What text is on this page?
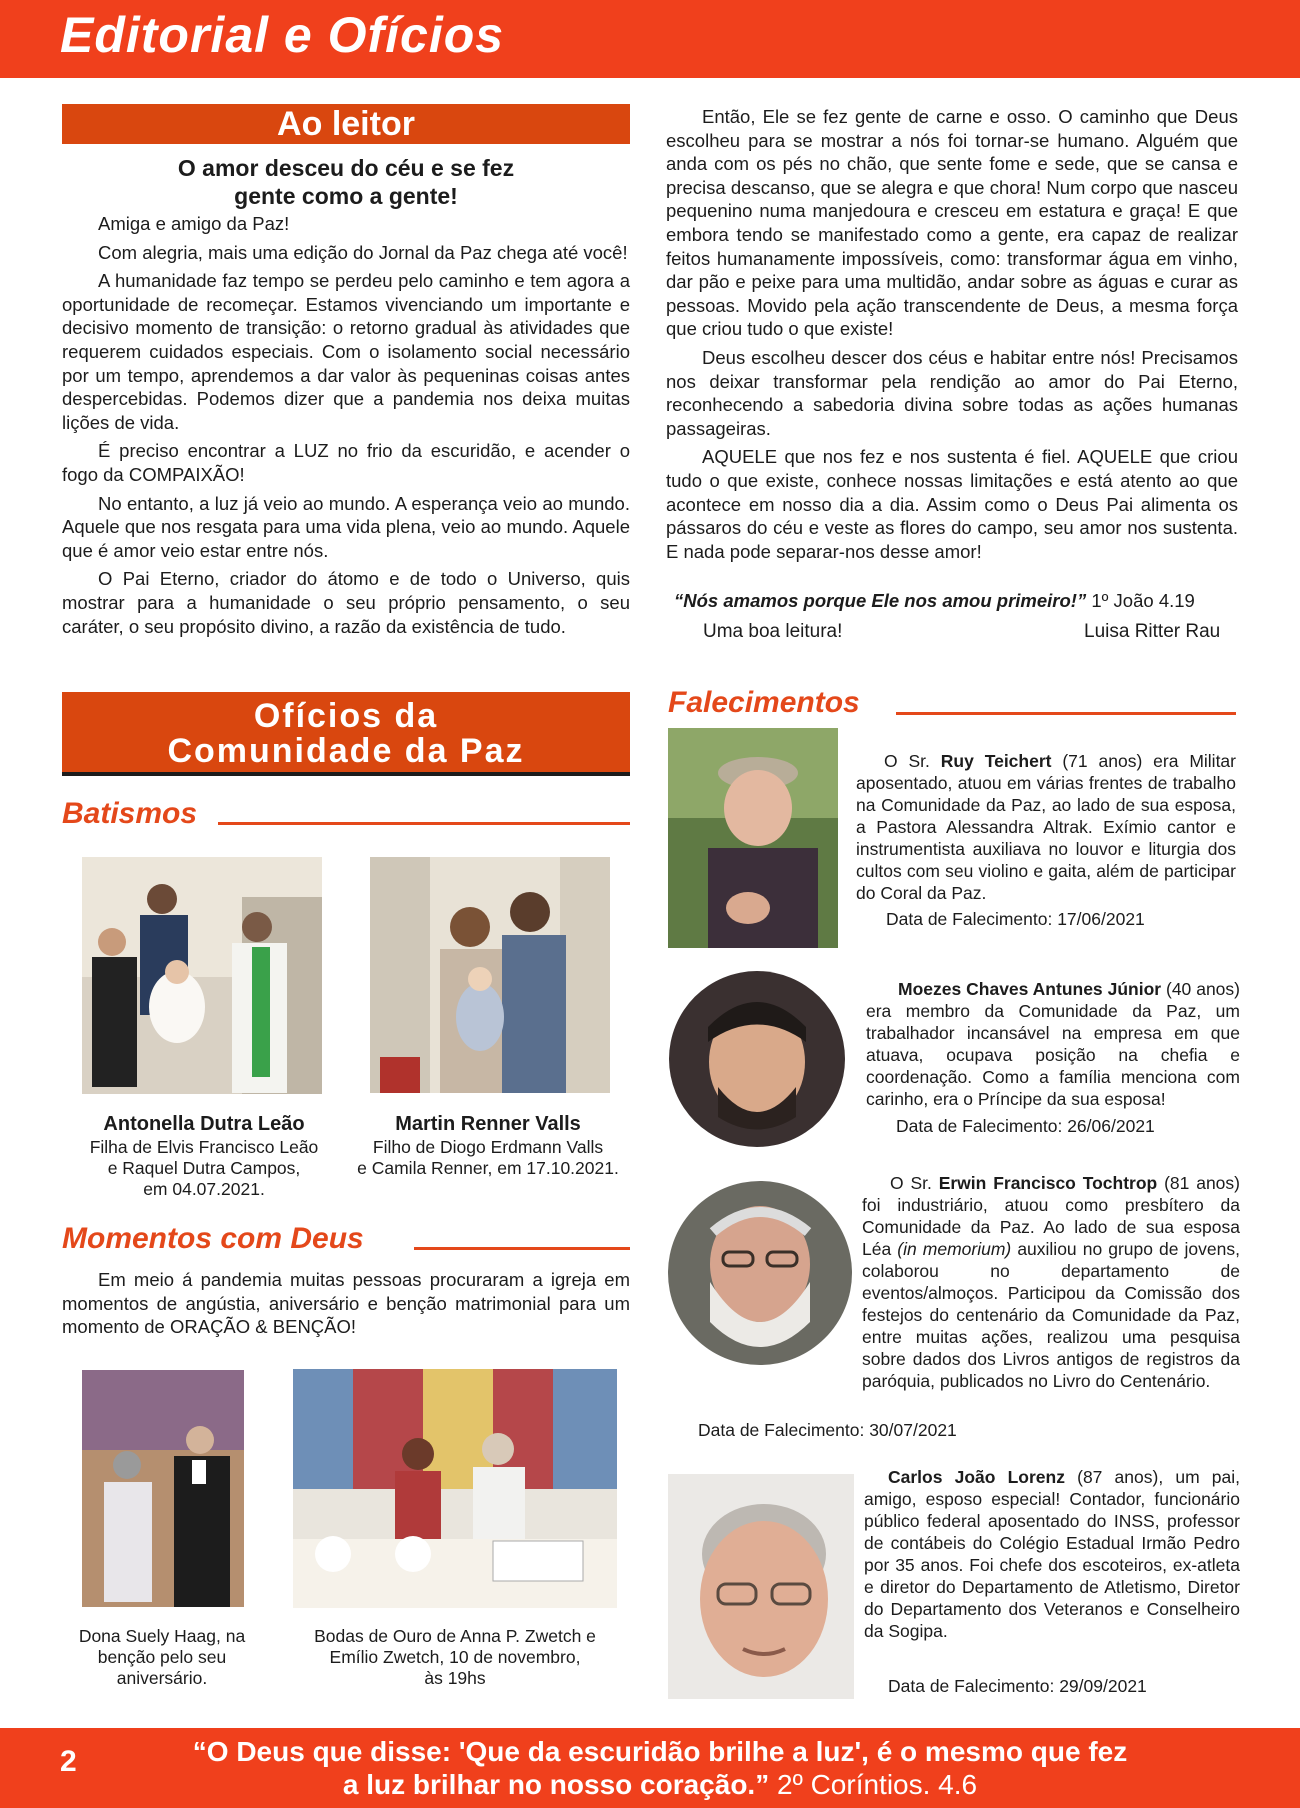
Editorial e Ofícios
Ao leitor
O amor desceu do céu e se fez
gente como a gente!

Amiga e amigo da Paz!

Com alegria, mais uma edição do Jornal da Paz chega até você!

A humanidade faz tempo se perdeu pelo caminho e tem agora a oportunidade de recomeçar. Estamos vivenciando um importante e decisivo momento de transição: o retorno gradual às atividades que requerem cuidados especiais. Com o isolamento social necessário por um tempo, aprendemos a dar valor às pequeninas coisas antes despercebidas. Podemos dizer que a pandemia nos deixa muitas lições de vida.

É preciso encontrar a LUZ no frio da escuridão, e acender o fogo da COMPAIXÃO!

No entanto, a luz já veio ao mundo. A esperança veio ao mundo. Aquele que nos resgata para uma vida plena, veio ao mundo. Aquele que é amor veio estar entre nós.

O Pai Eterno, criador do átomo e de todo o Universo, quis mostrar para a humanidade o seu próprio pensamento, o seu caráter, o seu propósito divino, a razão da existência de tudo.

Então, Ele se fez gente de carne e osso. O caminho que Deus escolheu para se mostrar a nós foi tornar-se humano. Alguém que anda com os pés no chão, que sente fome e sede, que se cansa e precisa descanso, que se alegra e que chora! Num corpo que nasceu pequenino numa manjedoura e cresceu em estatura e graça! E que embora tendo se manifestado como a gente, era capaz de realizar feitos humanamente impossíveis, como: transformar água em vinho, dar pão e peixe para uma multidão, andar sobre as águas e curar as pessoas. Movido pela ação transcendente de Deus, a mesma força que criou tudo o que existe!

Deus escolheu descer dos céus e habitar entre nós! Precisamos nos deixar transformar pela rendição ao amor do Pai Eterno, reconhecendo a sabedoria divina sobre todas as ações humanas passageiras.

AQUELE que nos fez e nos sustenta é fiel. AQUELE que criou tudo o que existe, conhece nossas limitações e está atento ao que acontece em nosso dia a dia. Assim como o Deus Pai alimenta os pássaros do céu e veste as flores do campo, seu amor nos sustenta. E nada pode separar-nos desse amor!

“Nós amamos porque Ele nos amou primeiro!” 1º João 4.19
Uma boa leitura!	Luisa Ritter Rau
Ofícios da
Comunidade da Paz
Batismos
Antonella Dutra Leão
Filha de Elvis Francisco Leão
e Raquel Dutra Campos,
em 04.07.2021.
Martin Renner Valls
Filho de Diogo Erdmann Valls
e Camila Renner, em 17.10.2021.
Momentos com Deus

Em meio á pandemia muitas pessoas procuraram a igreja em momentos de angústia, aniversário e benção matrimonial para um momento de ORAÇÃO & BENÇÃO!

Dona Suely Haag, na
benção pelo seu
aniversário.
Bodas de Ouro de Anna P. Zwetch e
Emílio Zwetch, 10 de novembro,
às 19hs
Falecimentos
O Sr. Ruy Teichert (71 anos) era Militar aposentado, atuou em várias frentes de trabalho na Comunidade da Paz, ao lado de sua esposa, a Pastora Alessandra Altrak. Exímio cantor e instrumentista auxiliava no louvor e liturgia dos cultos com seu violino e gaita, além de participar do Coral da Paz.
Data de Falecimento: 17/06/2021
Moezes Chaves Antunes Júnior (40 anos) era membro da Comunidade da Paz, um trabalhador incansável na empresa em que atuava, ocupava posição na chefia e coordenação. Como a família menciona com carinho, era o Príncipe da sua esposa!
Data de Falecimento: 26/06/2021
O Sr. Erwin Francisco Tochtrop (81 anos) foi industriário, atuou como presbítero da Comunidade da Paz. Ao lado de sua esposa Léa (in memorium) auxiliou no grupo de jovens, colaborou no departamento de eventos/almoços. Participou da Comissão dos festejos do centenário da Comunidade da Paz, entre muitas ações, realizou uma pesquisa sobre dados dos Livros antigos de registros da paróquia, publicados no Livro do Centenário.
Data de Falecimento: 30/07/2021
Carlos João Lorenz (87 anos), um pai, amigo, esposo especial! Contador, funcionário público federal aposentado do INSS, professor de contábeis do Colégio Estadual Irmão Pedro por 35 anos. Foi chefe dos escoteiros, ex-atleta e diretor do Departamento de Atletismo, Diretor do Departamento dos Veteranos e Conselheiro da Sogipa.
Data de Falecimento: 29/09/2021
2	“O Deus que disse: 'Que da escuridão brilhe a luz', é o mesmo que fez
a luz brilhar no nosso coração.” 2º Coríntios. 4.6
